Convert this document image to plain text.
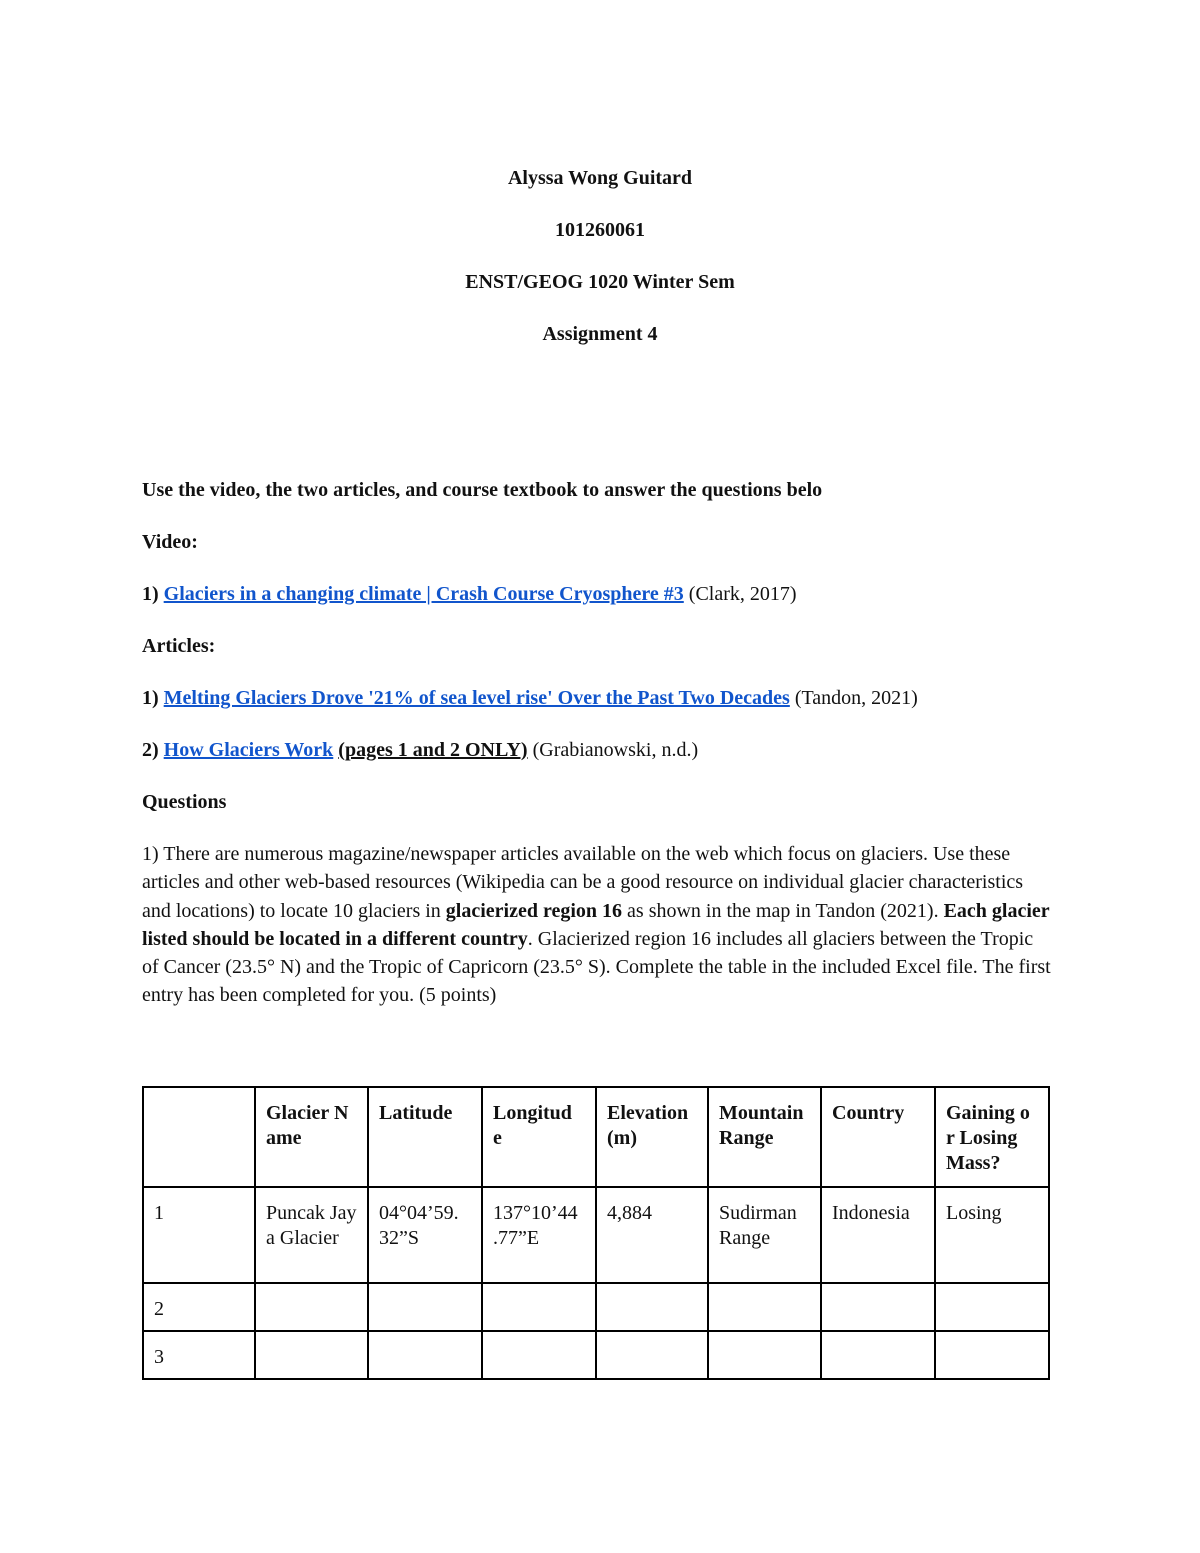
Alyssa Wong Guitard

101260061

ENST/GEOG 1020 Winter Sem

Assignment 4

Use the video, the two articles, and course textbook to answer the questions belo

Video:

1) Glaciers in a changing climate | Crash Course Cryosphere #3 (Clark, 2017)

Articles:

1) Melting Glaciers Drove '21% of sea level rise' Over the Past Two Decades (Tandon, 2021)

2) How Glaciers Work (pages 1 and 2 ONLY) (Grabianowski, n.d.)

Questions

1) There are numerous magazine/newspaper articles available on the web which focus on glaciers. Use these articles and other web-based resources (Wikipedia can be a good resource on individual glacier characteristics and locations) to locate 10 glaciers in glacierized region 16 as shown in the map in Tandon (2021). Each glacier listed should be located in a different country. Glacierized region 16 includes all glaciers between the Tropic of Cancer (23.5° N) and the Tropic of Capricorn (23.5° S). Complete the table in the included Excel file. The first entry has been completed for you. (5 points)

	Glacier Name	Latitude	Longitud e	Elevation (m)	Mountain Range	Country	Gaining or Losing Mass?
1	Puncak Jaya Glacier	04°04’59. 32”S	137°10’44 .77”E	4,884	Sudirman Range	Indonesia	Losing
2							
3							
